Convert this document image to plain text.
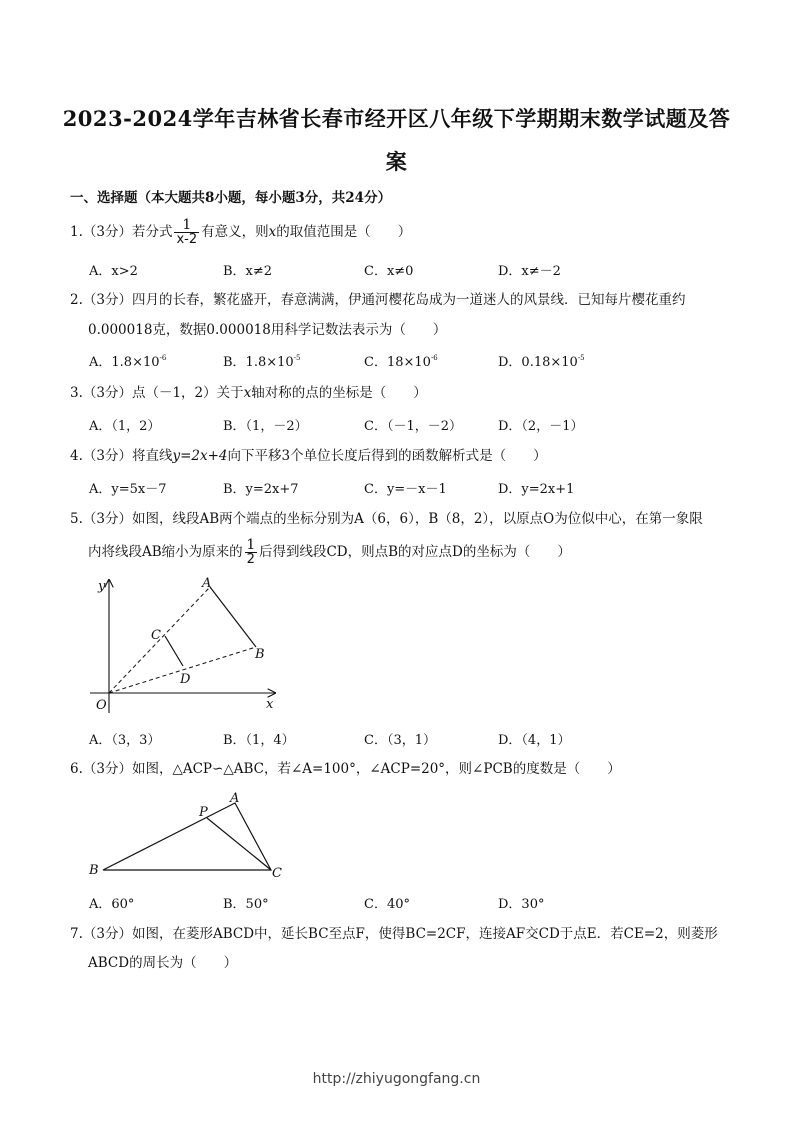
2023-2024学年吉林省长春市经开区八年级下学期期末数学试题及答
案
一、选择题（本大题共8小题，每小题3分，共24分）
1.（3分）若分式 $\frac{1}{x-2}$ 有意义，则x的取值范围是（　　）
A．x>2	B．x≠2	C．x≠0	D．x≠－2
2.（3分）四月的长春，繁花盛开，春意满满，伊通河樱花岛成为一道迷人的风景线．已知每片樱花重约
0.000018克，数据0.000018用科学记数法表示为（　　）
A．$1.8\times 10^{-6}$	B．$1.8\times 10^{-5}$	C．$18\times 10^{-6}$	D．$0.18\times 10^{-5}$
3.（3分）点（－1，2）关于x轴对称的点的坐标是（　　）
A．（1，2）	B．（1，－2）	C．（－1，－2）	D．（2，－1）
4.（3分）将直线y=2x+4向下平移3个单位长度后得到的函数解析式是（　　）
A．y=5x－7	B．y=2x+7	C．y=－x－1	D．y=2x+1
5.（3分）如图，线段AB两个端点的坐标分别为A（6，6），B（8，2），以原点O为位似中心，在第一象限
内将线段AB缩小为原来的 $\frac{1}{2}$ 后得到线段CD，则点B的对应点D的坐标为（　　）
y
x
O
A
B
C
D
A．（3，3）	B．（1，4）	C．（3，1）	D．（4，1）
6.（3分）如图，△ACP∽△ABC，若∠A=100°，∠ACP=20°，则∠PCB的度数是（　　）
A
P
B	C
A．60°	B．50°	C．40°	D．30°
7.（3分）如图，在菱形ABCD中，延长BC至点F，使得BC=2CF，连接AF交CD于点E．若CE=2，则菱形
ABCD的周长为（　　）
http://zhiyugongfang.cn
